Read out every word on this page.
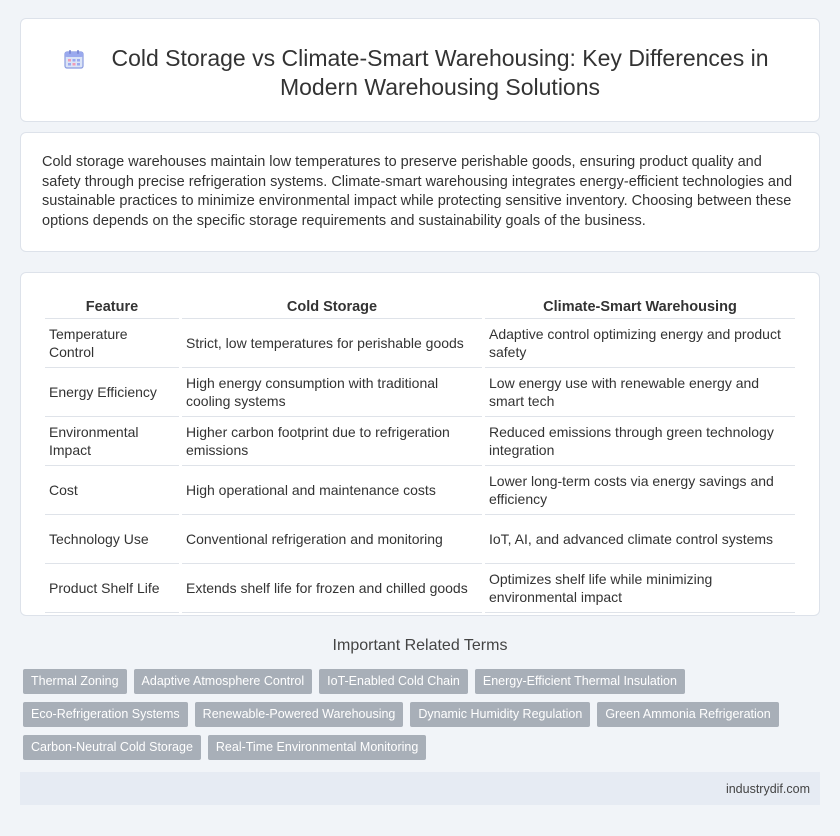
Cold Storage vs Climate-Smart Warehousing: Key Differences in Modern Warehousing Solutions

Cold storage warehouses maintain low temperatures to preserve perishable goods, ensuring product quality and safety through precise refrigeration systems. Climate-smart warehousing integrates energy-efficient technologies and sustainable practices to minimize environmental impact while protecting sensitive inventory. Choosing between these options depends on the specific storage requirements and sustainability goals of the business.

Feature	Cold Storage	Climate-Smart Warehousing
Temperature Control	Strict, low temperatures for perishable goods	Adaptive control optimizing energy and product safety
Energy Efficiency	High energy consumption with traditional cooling systems	Low energy use with renewable energy and smart tech
Environmental Impact	Higher carbon footprint due to refrigeration emissions	Reduced emissions through green technology integration
Cost	High operational and maintenance costs	Lower long-term costs via energy savings and efficiency
Technology Use	Conventional refrigeration and monitoring	IoT, AI, and advanced climate control systems
Product Shelf Life	Extends shelf life for frozen and chilled goods	Optimizes shelf life while minimizing environmental impact
Important Related Terms
Thermal Zoning	Adaptive Atmosphere Control	IoT-Enabled Cold Chain	Energy-Efficient Thermal Insulation
Eco-Refrigeration Systems	Renewable-Powered Warehousing	Dynamic Humidity Regulation	Green Ammonia Refrigeration
Carbon-Neutral Cold Storage	Real-Time Environmental Monitoring
industrydif.com
